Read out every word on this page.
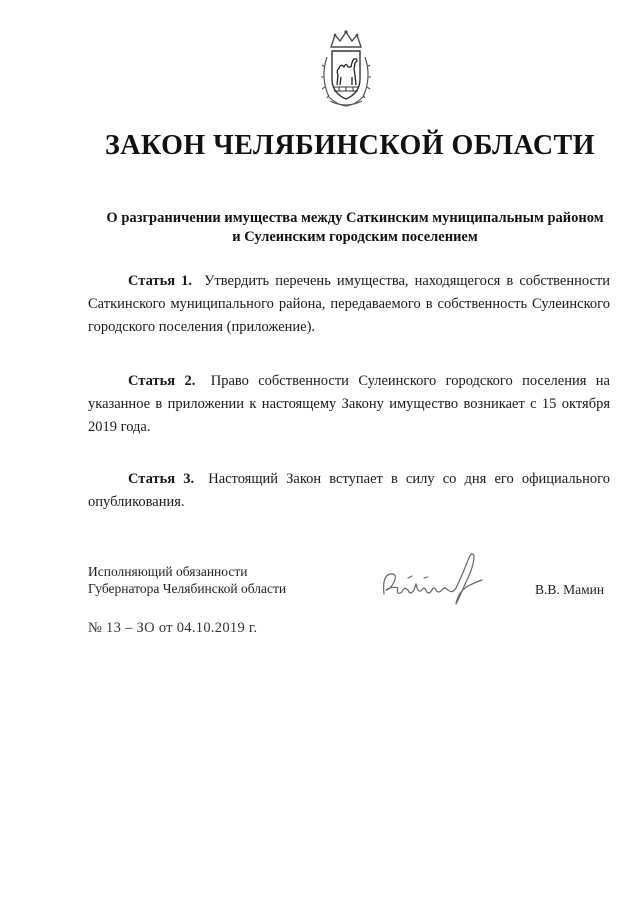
ЗАКОН ЧЕЛЯБИНСКОЙ ОБЛАСТИ
О разграничении имущества между Саткинским муниципальным районом
и Сулеинским городским поселением
Статья 1. Утвердить перечень имущества, находящегося в собственности Саткинского муниципального района, передаваемого в собственность Сулеинского городского поселения (приложение).
Статья 2. Право собственности Сулеинского городского поселения на указанное в приложении к настоящему Закону имущество возникает с 15 октября 2019 года.
Статья 3. Настоящий Закон вступает в силу со дня его официального опубликования.
Исполняющий обязанности
Губернатора Челябинской области	В.В. Мамин
№ 13 – ЗО от 04.10.2019 г.
